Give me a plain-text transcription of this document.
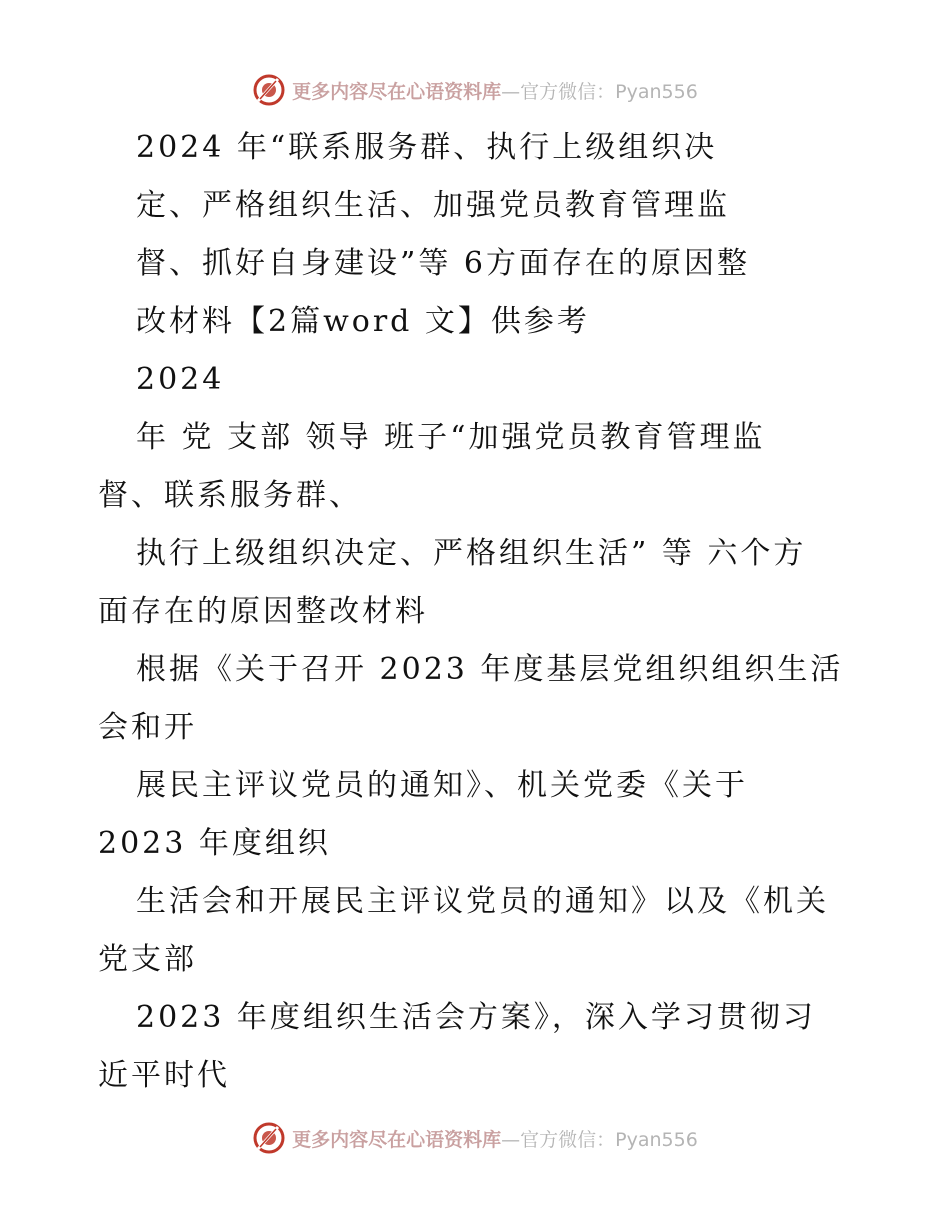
更多内容尽在心语资料库—官方微信：Pyan556
2024 年“联系服务群、执行上级组织决
定、严格组织生活、加强党员教育管理监
督、抓好自身建设”等 6方面存在的原因整
改材料【2篇word 文】供参考
2024
年 党 支部 领导 班子“加强党员教育管理监
督、联系服务群、
执行上级组织决定、严格组织生活” 等 六个方
面存在的原因整改材料
根据《关于召开 2023 年度基层党组织组织生活
会和开
展民主评议党员的通知》、机关党委《关于
2023 年度组织
生活会和开展民主评议党员的通知》以及《机关
党支部
2023 年度组织生活会方案》，深入学习贯彻习
近平时代
更多内容尽在心语资料库—官方微信：Pyan556
